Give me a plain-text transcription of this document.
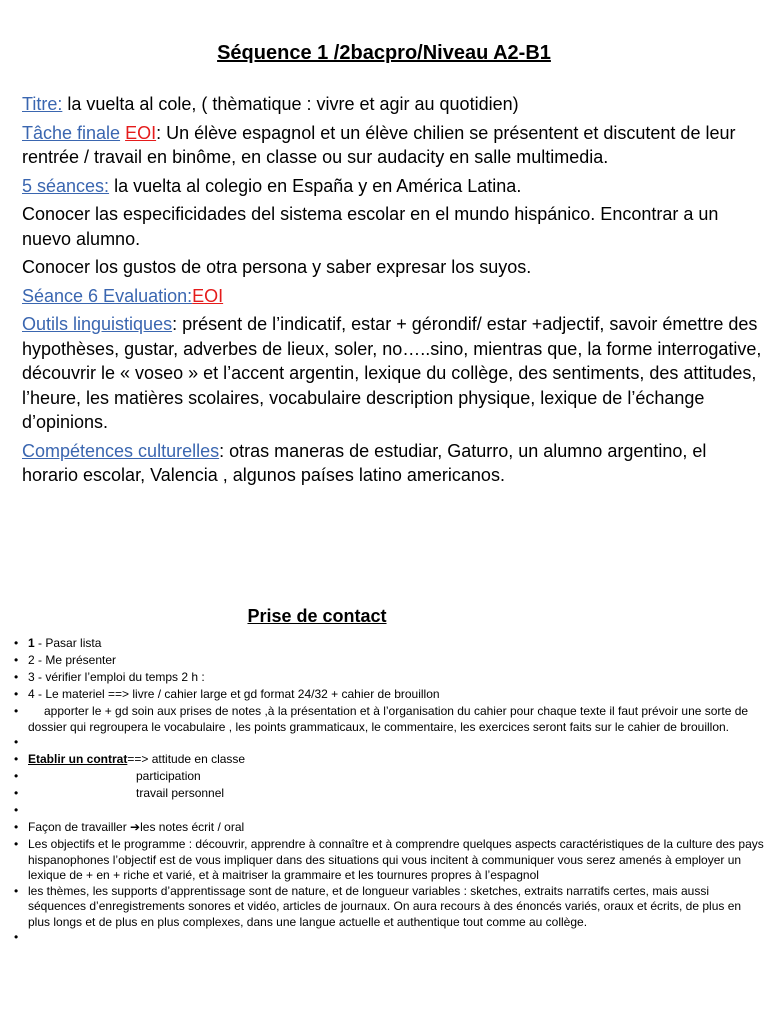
Séquence 1 /2bacpro/Niveau A2-B1

Titre: la vuelta al cole, ( thèmatique : vivre et agir au quotidien)

Tâche finale EOI: Un élève espagnol et un élève chilien se présentent et discutent de leur rentrée / travail en binôme, en classe ou sur audacity en salle multimedia.

5 séances: la vuelta al colegio en España y en América Latina.

Conocer las especificidades del sistema escolar en el mundo hispánico. Encontrar a un nuevo alumno.

Conocer los gustos de otra persona y saber expresar los suyos.

Séance 6 Evaluation:EOI

Outils linguistiques: présent de l’indicatif, estar + gérondif/ estar +adjectif, savoir émettre des hypothèses, gustar, adverbes de lieux, soler, no…..sino, mientras que, la forme interrogative, découvrir le « voseo » et l’accent argentin, lexique du collège, des sentiments, des attitudes, l’heure, les matières scolaires, vocabulaire description physique, lexique de l’échange d’opinions.

Compétences culturelles: otras maneras de estudiar, Gaturro, un alumno argentino, el horario escolar, Valencia , algunos países latino americanos.

Prise de contact
• 1 - Pasar lista
• 2 - Me présenter
• 3 - vérifier l’emploi du temps 2 h :
• 4 - Le materiel ==> livre / cahier large et gd format 24/32 + cahier de brouillon
• apporter le + gd soin aux prises de notes ,à la présentation et à l’organisation du cahier pour chaque texte il faut prévoir une sorte de dossier qui regroupera le vocabulaire , les points grammaticaux, le commentaire, les exercices seront faits sur le cahier de brouillon.
•
• Etablir un contrat==> attitude en classe
• participation
• travail personnel
•
• Façon de travailler ➔les notes écrit / oral
• Les objectifs et le programme : découvrir, apprendre à connaître et à comprendre quelques aspects caractéristiques de la culture des pays hispanophones l’objectif est de vous impliquer dans des situations qui vous incitent à communiquer vous serez amenés à employer un lexique de + en + riche et varié, et à maitriser la grammaire et les tournures propres à l’espagnol
• les thèmes, les supports d’apprentissage sont de nature, et de longueur variables : sketches, extraits narratifs certes, mais aussi séquences d’enregistrements sonores et vidéo, articles de journaux. On aura recours à des énoncés variés, oraux et écrits, de plus en plus longs et de plus en plus complexes, dans une langue actuelle et authentique tout comme au collège.
•
